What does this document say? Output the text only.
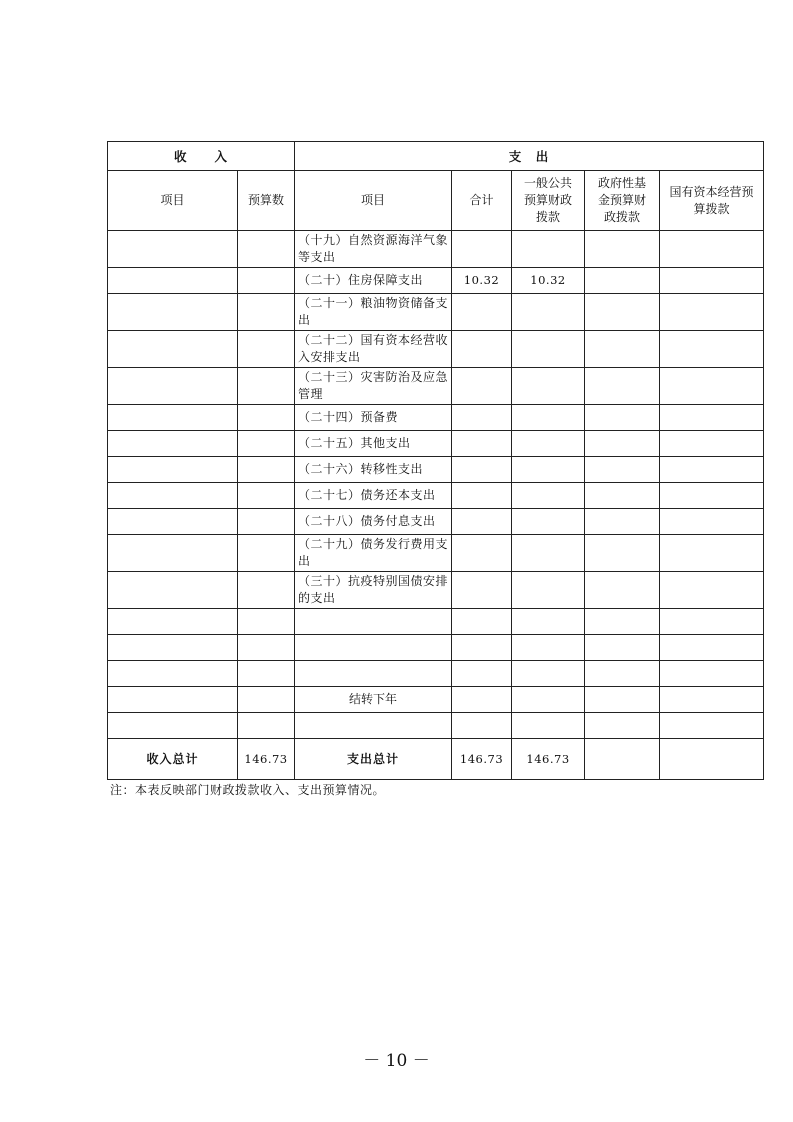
收　　入		支　出				
项目	预算数	项目	合计	一般公共预算财政拨款	政府性基金预算财政拨款	国有资本经营预算拨款
		（十九）自然资源海洋气象等支出				
		（二十）住房保障支出	10.32	10.32		
		（二十一）粮油物资储备支出				
		（二十二）国有资本经营收入安排支出				
		（二十三）灾害防治及应急管理				
		（二十四）预备费				
		（二十五）其他支出				
		（二十六）转移性支出				
		（二十七）债务还本支出				
		（二十八）债务付息支出				
		（二十九）债务发行费用支出				
		（三十）抗疫特别国债安排的支出				

		结转下年				

收入总计	146.73	支出总计	146.73	146.73		
注：本表反映部门财政拨款收入、支出预算情况。
－ 10 －
